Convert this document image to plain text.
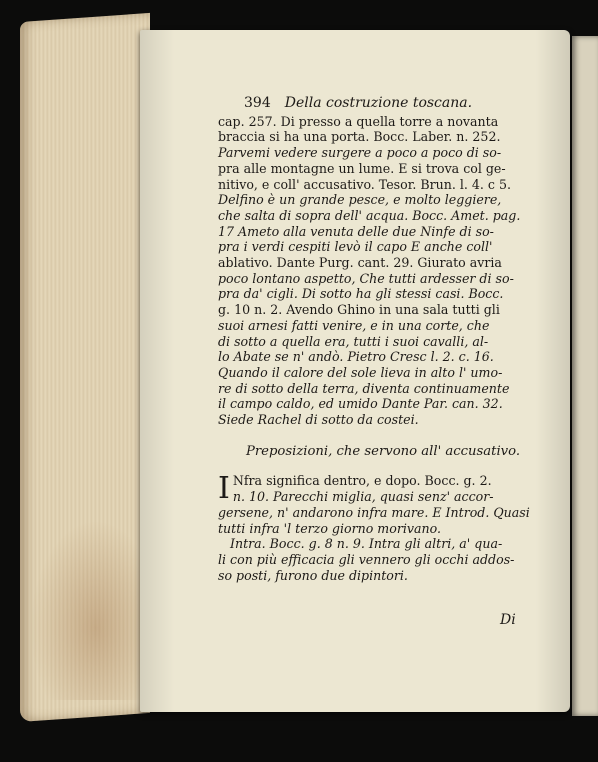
394 Della costruzione toscana.
cap. 257. Di presso a quella torre a novanta
braccia si ha una porta. Bocc. Laber. n. 252.
Parvemi vedere surgere a poco a poco di so-
pra alle montagne un lume. E si trova col ge-
nitivo, e coll' accusativo. Tesor. Brun. l. 4. c 5.
Delfino è un grande pesce, e molto leggiere,
che salta di sopra dell' acqua. Bocc. Amet. pag.
17 Ameto alla venuta delle due Ninfe di so-
pra i verdi cespiti levò il capo E anche coll'
ablativo. Dante Purg. cant. 29. Giurato avria
poco lontano aspetto, Che tutti ardesser di so-
pra da' cigli. Di sotto ha gli stessi casi. Bocc.
g. 10 n. 2. Avendo Ghino in una sala tutti gli
suoi arnesi fatti venire, e in una corte, che
di sotto a quella era, tutti i suoi cavalli, al-
lo Abate se n' andò. Pietro Cresc l. 2. c. 16.
Quando il calore del sole lieva in alto l' umo-
re di sotto della terra, diventa continuamente
il campo caldo, ed umido Dante Par. can. 32.
Siede Rachel di sotto da costei.
Preposizioni, che servono all' accusativo.
I Nfra significa dentro, e dopo. Bocc. g. 2.
n. 10. Parecchi miglia, quasi senz' accor-
gersene, n' andarono infra mare. E Introd. Quasi
tutti infra 'l terzo giorno morivano.
Intra. Bocc. g. 8 n. 9. Intra gli altri, a' qua-
li con più efficacia gli vennero gli occhi addos-
so posti, furono due dipintori.
Di
